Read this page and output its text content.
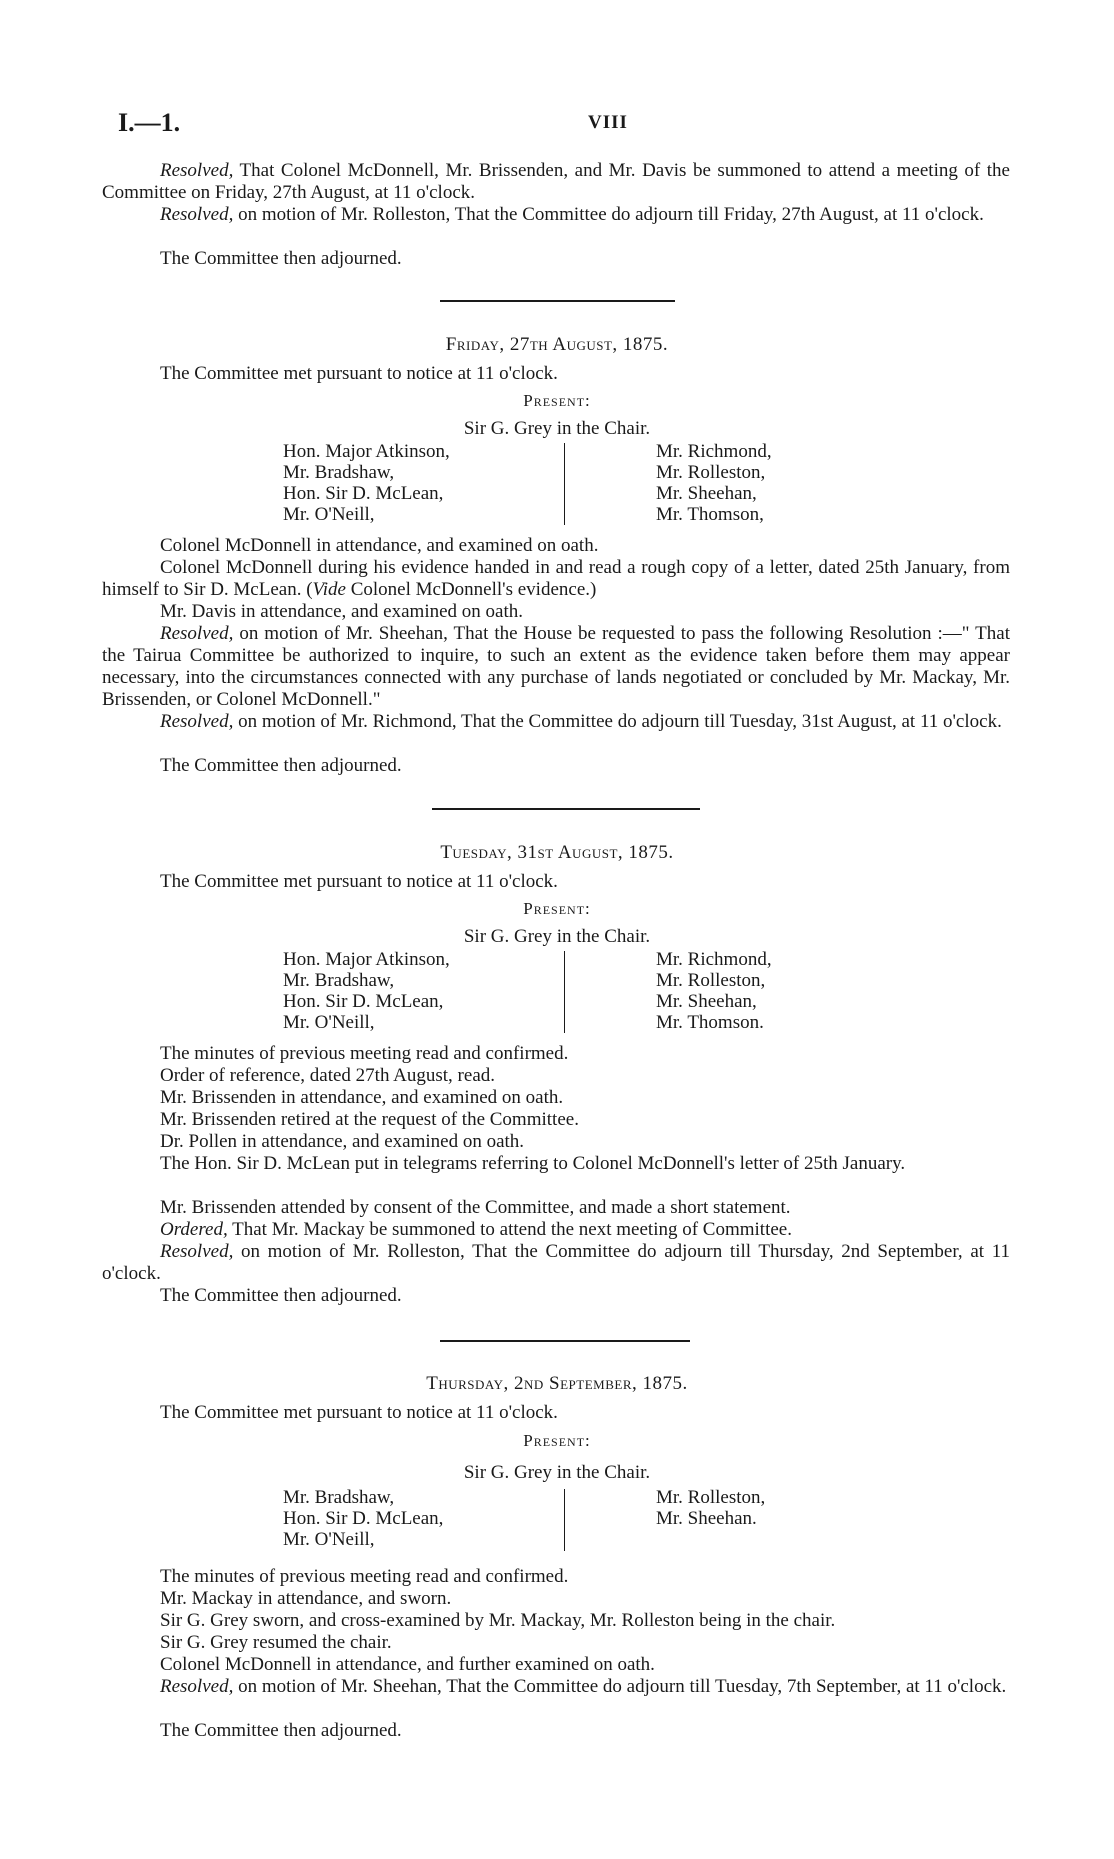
I.—1.	VIII

Resolved, That Colonel McDonnell, Mr. Brissenden, and Mr. Davis be summoned to attend a meeting of the Committee on Friday, 27th August, at 11 o'clock.

Resolved, on motion of Mr. Rolleston, That the Committee do adjourn till Friday, 27th August, at 11 o'clock.

The Committee then adjourned.

Friday, 27th August, 1875.

The Committee met pursuant to notice at 11 o'clock.

Present:
Sir G. Grey in the Chair.
Hon. Major Atkinson,
Mr. Bradshaw,
Hon. Sir D. McLean,
Mr. O'Neill,
Mr. Richmond,
Mr. Rolleston,
Mr. Sheehan,
Mr. Thomson,

Colonel McDonnell in attendance, and examined on oath.

Colonel McDonnell during his evidence handed in and read a rough copy of a letter, dated 25th January, from himself to Sir D. McLean. (Vide Colonel McDonnell's evidence.)

Mr. Davis in attendance, and examined on oath.

Resolved, on motion of Mr. Sheehan, That the House be requested to pass the following Resolution :—" That the Tairua Committee be authorized to inquire, to such an extent as the evidence taken before them may appear necessary, into the circumstances connected with any purchase of lands negotiated or concluded by Mr. Mackay, Mr. Brissenden, or Colonel McDonnell."

Resolved, on motion of Mr. Richmond, That the Committee do adjourn till Tuesday, 31st August, at 11 o'clock.

The Committee then adjourned.

Tuesday, 31st August, 1875.

The Committee met pursuant to notice at 11 o'clock.

Present:
Sir G. Grey in the Chair.
Hon. Major Atkinson,
Mr. Bradshaw,
Hon. Sir D. McLean,
Mr. O'Neill,
Mr. Richmond,
Mr. Rolleston,
Mr. Sheehan,
Mr. Thomson.

The minutes of previous meeting read and confirmed.

Order of reference, dated 27th August, read.

Mr. Brissenden in attendance, and examined on oath.

Mr. Brissenden retired at the request of the Committee.

Dr. Pollen in attendance, and examined on oath.

The Hon. Sir D. McLean put in telegrams referring to Colonel McDonnell's letter of 25th January.

Mr. Brissenden attended by consent of the Committee, and made a short statement.

Ordered, That Mr. Mackay be summoned to attend the next meeting of Committee.

Resolved, on motion of Mr. Rolleston, That the Committee do adjourn till Thursday, 2nd September, at 11 o'clock.

The Committee then adjourned.

Thursday, 2nd September, 1875.

The Committee met pursuant to notice at 11 o'clock.

Present:
Sir G. Grey in the Chair.
Mr. Bradshaw,
Hon. Sir D. McLean,
Mr. O'Neill,
Mr. Rolleston,
Mr. Sheehan.

The minutes of previous meeting read and confirmed.

Mr. Mackay in attendance, and sworn.

Sir G. Grey sworn, and cross-examined by Mr. Mackay, Mr. Rolleston being in the chair.

Sir G. Grey resumed the chair.

Colonel McDonnell in attendance, and further examined on oath.

Resolved, on motion of Mr. Sheehan, That the Committee do adjourn till Tuesday, 7th September, at 11 o'clock.

The Committee then adjourned.
